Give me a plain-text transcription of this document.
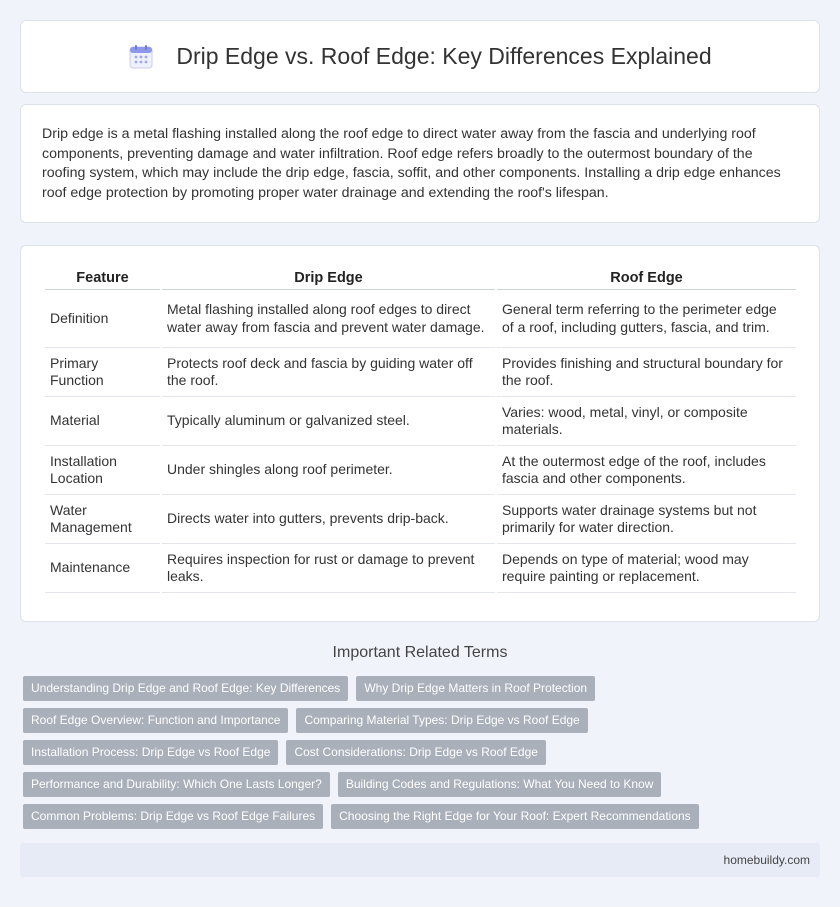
Drip Edge vs. Roof Edge: Key Differences Explained

Drip edge is a metal flashing installed along the roof edge to direct water away from the fascia and underlying roof components, preventing damage and water infiltration. Roof edge refers broadly to the outermost boundary of the roofing system, which may include the drip edge, fascia, soffit, and other components. Installing a drip edge enhances roof edge protection by promoting proper water drainage and extending the roof's lifespan.

Feature	Drip Edge	Roof Edge
Definition	Metal flashing installed along roof edges to direct water away from fascia and prevent water damage.	General term referring to the perimeter edge of a roof, including gutters, fascia, and trim.
Primary Function	Protects roof deck and fascia by guiding water off the roof.	Provides finishing and structural boundary for the roof.
Material	Typically aluminum or galvanized steel.	Varies: wood, metal, vinyl, or composite materials.
Installation Location	Under shingles along roof perimeter.	At the outermost edge of the roof, includes fascia and other components.
Water Management	Directs water into gutters, prevents drip-back.	Supports water drainage systems but not primarily for water direction.
Maintenance	Requires inspection for rust or damage to prevent leaks.	Depends on type of material; wood may require painting or replacement.
Important Related Terms
Understanding Drip Edge and Roof Edge: Key Differences	Why Drip Edge Matters in Roof Protection
Roof Edge Overview: Function and Importance	Comparing Material Types: Drip Edge vs Roof Edge
Installation Process: Drip Edge vs Roof Edge	Cost Considerations: Drip Edge vs Roof Edge
Performance and Durability: Which One Lasts Longer?	Building Codes and Regulations: What You Need to Know
Common Problems: Drip Edge vs Roof Edge Failures	Choosing the Right Edge for Your Roof: Expert Recommendations
homebuildy.com
